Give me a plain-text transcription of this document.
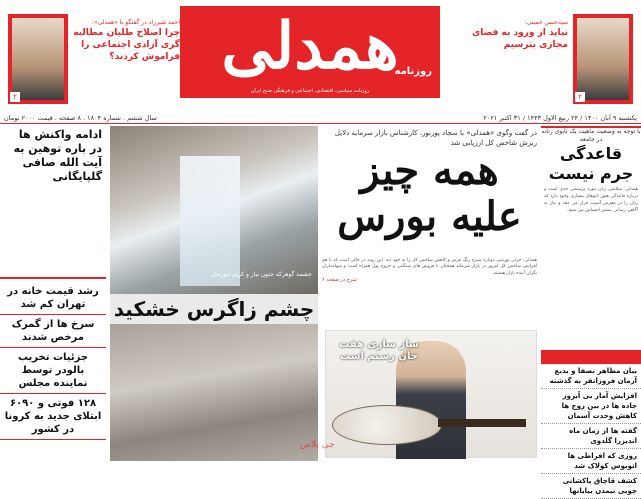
همدلی
روزنامه
روزنامه سیاسی، اقتصادی، اجتماعی و فرهنگی صبح ایران
۲
احمد شیرزاد در گفتگو با «همدلی»:
چرا اصلاح طلبان مطالبه گری آزادی اجتماعی را فراموش کردند؟
۲
سیدحسن خمینی:
نباید از ورود به فضای مجازی بترسیم
یکشنبه ۹ آبان ۱۴۰۰ / ۲۴ ربیع الاول ۱۴۴۳ / ۳۱ اکتبر ۲۰۲۱
سال ششم . شماره ۱۸۰۴ . ۸ صفحه . قیمت ۲۰۰۰ تومان
با توجه به وضعیت ماهیت یک تابوی زنانه در جامعه
قاعدگی جرم نیست
همدلی: سلامتی زنان مورد پرسشی جدی است و درباره قاعدگی هنوز تابوهای بسیاری وجود دارد که زنان را در معرض آسیب قرار می دهد و نیاز به آگاهی رسانی بیشتر احساس می شود.
بیان مظاهر نصفا و بدیع آرمان فروزانفر به گذشته
افزایش آمار بی آبروز جاده ها در بین زوج ها کاهش وحدت آسمان
گفته ها از زمان ماه اندیزرا گلدوی
روزی که افراطی ها اتوبوس کولاک شد
کشف قاچاق پاکشانی چوبی نیمدن بیابانها
در گفت وگوی «همدلی» با سجاد پوربور، کارشناس بازار سرمایه دلایل ریزش شاخص کل ارزیابی شد
همه چیز
علیه بورس
همدلی: جزئی بورسی دوباره سبزه رنگ قرمز و کاهش شاخص کل را به خود دید. این روند در حالی است که با هم افزایش شاخص کل امروز در بازار سرمایه همچنان با فروش های سنگینی و خروج پول همراه است و سهامداران نگران آینده بازار هستند.
شرح در صفحه ۶
جشمه گوهرکه جنون نیاز و کریم دیورمان
چشم زاگرس خشکید
ساز سازی هفت خان رستم است
ادامه واکنش ها در باره توهین به آیت الله صافی گلپایگانی
رشد قیمت خانه در تهران کم شد
سرخ ها از گمرک مرخص شدند
جزئیات تخریب بالودر توسط نماینده مجلس
۱۲۸ فوتی و ۶۰۹۰ ابتلای جدید به کرونا در کشور
جی پلاس
